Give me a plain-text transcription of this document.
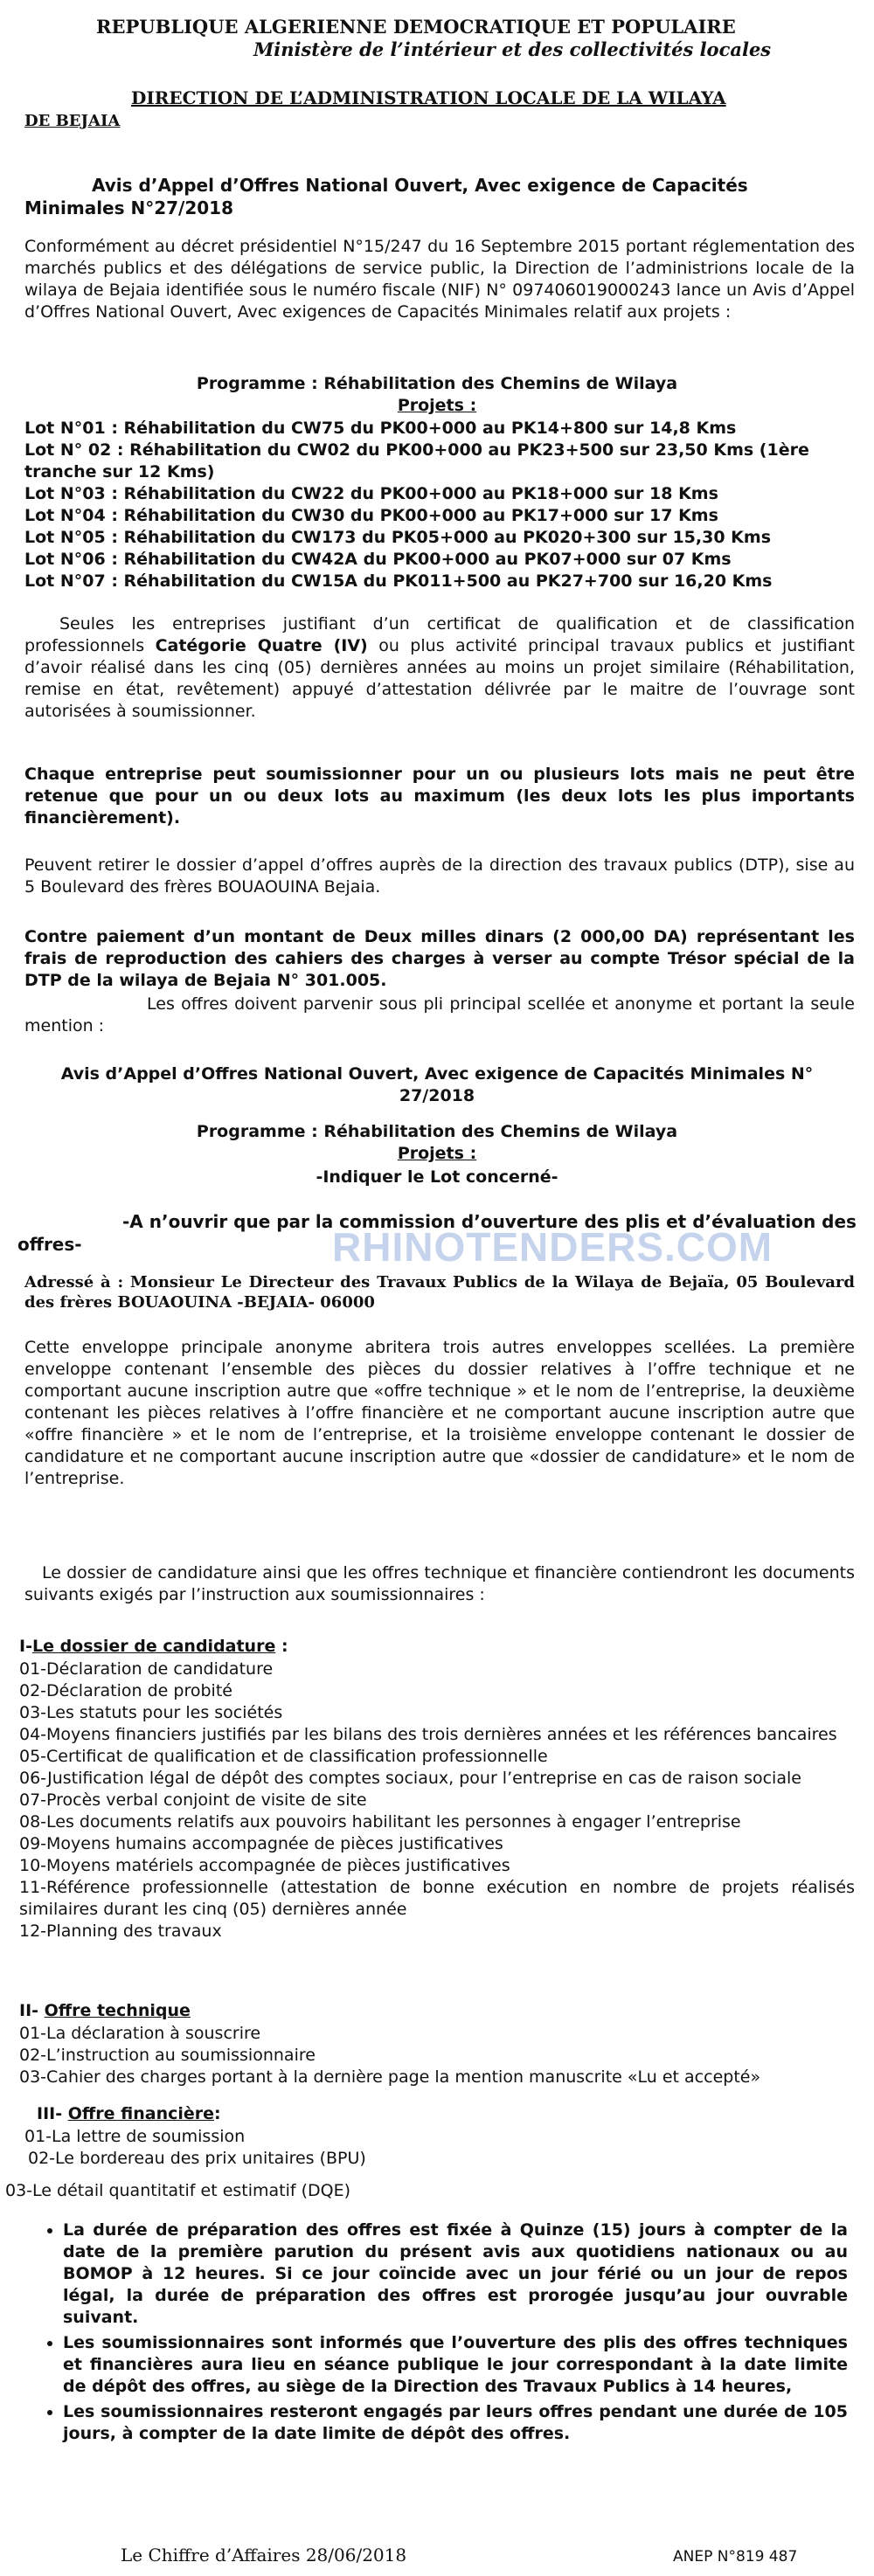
REPUBLIQUE ALGERIENNE DEMOCRATIQUE ET POPULAIRE
Ministère de l’intérieur et des collectivités locales
DIRECTION DE L’ADMINISTRATION LOCALE DE LA WILAYA
DE BEJAIA
Avis d’Appel d’Offres National Ouvert, Avec exigence de Capacités
Minimales N°27/2018
Conformément au décret présidentiel N°15/247 du 16 Septembre 2015 portant réglementation des marchés publics et des délégations de service public, la Direction de l’administrions locale de la wilaya de Bejaia identifiée sous le numéro fiscale (NIF) N° 097406019000243 lance un Avis d’Appel d’Offres National Ouvert, Avec exigences de Capacités Minimales relatif aux projets :
Programme : Réhabilitation des Chemins de Wilaya
Projets :
Lot N°01 : Réhabilitation du CW75 du PK00+000 au PK14+800 sur 14,8 Kms
Lot N° 02 : Réhabilitation du CW02 du PK00+000 au PK23+500 sur 23,50 Kms (1ère
tranche sur 12 Kms)
Lot N°03 : Réhabilitation du CW22 du PK00+000 au PK18+000 sur 18 Kms
Lot N°04 : Réhabilitation du CW30 du PK00+000 au PK17+000 sur 17 Kms
Lot N°05 : Réhabilitation du CW173 du PK05+000 au PK020+300 sur 15,30 Kms
Lot N°06 : Réhabilitation du CW42A du PK00+000 au PK07+000 sur 07 Kms
Lot N°07 : Réhabilitation du CW15A du PK011+500 au PK27+700 sur 16,20 Kms
Seules les entreprises justifiant d’un certificat de qualification et de classification professionnels Catégorie Quatre (IV) ou plus activité principal travaux publics et justifiant d’avoir réalisé dans les cinq (05) dernières années au moins un projet similaire (Réhabilitation, remise en état, revêtement) appuyé d’attestation délivrée par le maitre de l’ouvrage sont autorisées à soumissionner.
Chaque entreprise peut soumissionner pour un ou plusieurs lots mais ne peut être retenue que pour un ou deux lots au maximum (les deux lots les plus importants financièrement).
Peuvent retirer le dossier d’appel d’offres auprès de la direction des travaux publics (DTP), sise au 5 Boulevard des frères BOUAOUINA Bejaia.
Contre paiement d’un montant de Deux milles dinars (2 000,00 DA) représentant les frais de reproduction des cahiers des charges à verser au compte Trésor spécial de la DTP de la wilaya de Bejaia N° 301.005.
Les offres doivent parvenir sous pli principal scellée et anonyme et portant la seule mention :
Avis d’Appel d’Offres National Ouvert, Avec exigence de Capacités Minimales N°
27/2018
Programme : Réhabilitation des Chemins de Wilaya
Projets :
-Indiquer le Lot concerné-
-A n’ouvrir que par la commission d’ouverture des plis et d’évaluation des
offres-
Adressé à : Monsieur Le Directeur des Travaux Publics de la Wilaya de Bejaïa, 05 Boulevard des frères BOUAOUINA -BEJAIA- 06000
RHINOTENDERS.COM
Cette enveloppe principale anonyme abritera trois autres enveloppes scellées. La première enveloppe contenant l’ensemble des pièces du dossier relatives à l’offre technique et ne comportant aucune inscription autre que «offre technique » et le nom de l’entreprise, la deuxième contenant les pièces relatives à l’offre financière et ne comportant aucune inscription autre que «offre financière » et le nom de l’entreprise, et la troisième enveloppe contenant le dossier de candidature et ne comportant aucune inscription autre que «dossier de candidature» et le nom de l’entreprise.
Le dossier de candidature ainsi que les offres technique et financière contiendront les documents suivants exigés par l’instruction aux soumissionnaires :
I-Le dossier de candidature :
01-Déclaration de candidature
02-Déclaration de probité
03-Les statuts pour les sociétés
04-Moyens financiers justifiés par les bilans des trois dernières années et les références bancaires
05-Certificat de qualification et de classification professionnelle
06-Justification légal de dépôt des comptes sociaux, pour l’entreprise en cas de raison sociale
07-Procès verbal conjoint de visite de site
08-Les documents relatifs aux pouvoirs habilitant les personnes à engager l’entreprise
09-Moyens humains accompagnée de pièces justificatives
10-Moyens matériels accompagnée de pièces justificatives
11-Référence professionnelle (attestation de bonne exécution en nombre de projets réalisés similaires durant les cinq (05) dernières année
12-Planning des travaux
II- Offre technique
01-La déclaration à souscrire
02-L’instruction au soumissionnaire
03-Cahier des charges portant à la dernière page la mention manuscrite «Lu et accepté»
III- Offre financière:
01-La lettre de soumission
02-Le bordereau des prix unitaires (BPU)
03-Le détail quantitatif et estimatif (DQE)
• La durée de préparation des offres est fixée à Quinze (15) jours à compter de la date de la première parution du présent avis aux quotidiens nationaux ou au BOMOP à 12 heures. Si ce jour coïncide avec un jour férié ou un jour de repos légal, la durée de préparation des offres est prorogée jusqu’au jour ouvrable suivant.
• Les soumissionnaires sont informés que l’ouverture des plis des offres techniques et financières aura lieu en séance publique le jour correspondant à la date limite de dépôt des offres, au siège de la Direction des Travaux Publics à 14 heures,
• Les soumissionnaires resteront engagés par leurs offres pendant une durée de 105 jours, à compter de la date limite de dépôt des offres.
Le Chiffre d’Affaires 28/06/2018	ANEP N°819 487
